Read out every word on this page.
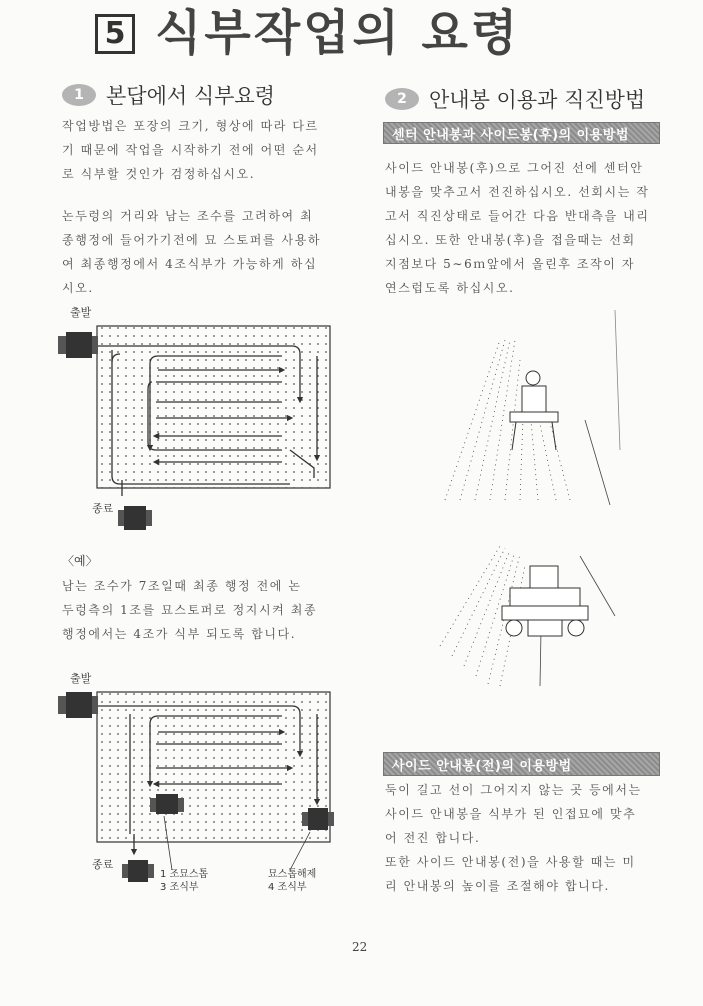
5 식부작업의 요령
1	본답에서 식부요령

작업방법은 포장의 크기, 형상에 따라 다르
기 때문에 작업을 시작하기 전에 어떤 순서
로 식부할 것인가 검정하십시오.

논두렁의 거리와 남는 조수를 고려하여 최
종행정에 들어가기전에 묘 스토퍼를 사용하
여 최종행정에서 4조식부가 가능하게 하십
시오.

출발
종료
〈예〉

남는 조수가 7조일때 최종 행정 전에 논
두렁측의 1조를 묘스토퍼로 정지시켜 최종
행정에서는 4조가 식부 되도록 합니다.

출발
종료
1 조묘스톱
3 조식부
묘스톱해제
4 조식부
2	안내봉 이용과 직진방법
센터 안내봉과 사이드봉(후)의 이용방법

사이드 안내봉(후)으로 그어진 선에 센터안
내봉을 맞추고서 전진하십시오. 선회시는 작
고서 직진상태로 들어간 다음 반대측을 내리
십시오. 또한 안내봉(후)을 접을때는 선회
지점보다 5∼6ｍ앞에서 올린후 조작이 자
연스럽도록 하십시오.

사이드 안내봉(전)의 이용방법

둑이 길고 선이 그어지지 않는 곳 등에서는
사이드 안내봉을 식부가 된 인접묘에 맞추
어 전진 합니다.
또한 사이드 안내봉(전)을 사용할 때는 미
리 안내봉의 높이를 조절해야 합니다.

22
